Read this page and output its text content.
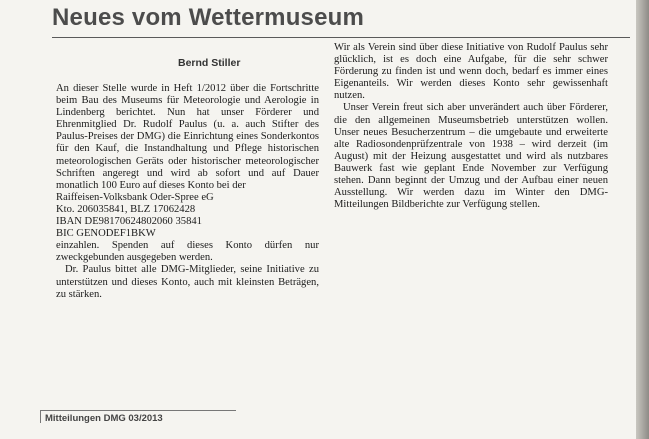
Neues vom Wettermuseum
Bernd Stiller

An dieser Stelle wurde in Heft 1/2012 über die Fortschritte beim Bau des Museums für Meteorologie und Aerologie in Lindenberg berichtet. Nun hat unser Förderer und Ehrenmitglied Dr. Rudolf Paulus (u. a. auch Stifter des Paulus-Preises der DMG) die Einrichtung eines Sonderkontos für den Kauf, die Instandhaltung und Pflege historischen meteorologischen Geräts oder historischer meteorologischer Schriften angeregt und wird ab sofort und auf Dauer monatlich 100 Euro auf dieses Konto bei der

Raiffeisen-Volksbank Oder-Spree eG
Kto. 206035841, BLZ 17062428
IBAN DE98170624802060 35841
BIC GENODEF1BKW

einzahlen. Spenden auf dieses Konto dürfen nur zweckgebunden ausgegeben werden.

Dr. Paulus bittet alle DMG-Mitglieder, seine Initiative zu unterstützen und dieses Konto, auch mit kleinsten Beträgen, zu stärken.

Wir als Verein sind über diese Initiative von Rudolf Paulus sehr glücklich, ist es doch eine Aufgabe, für die sehr schwer Förderung zu finden ist und wenn doch, bedarf es immer eines Eigenanteils. Wir werden dieses Konto sehr gewissenhaft nutzen.

Unser Verein freut sich aber unverändert auch über Förderer, die den allgemeinen Museumsbetrieb unterstützen wollen. Unser neues Besucherzentrum – die umgebaute und erweiterte alte Radiosondenprüfzentrale von 1938 – wird derzeit (im August) mit der Heizung ausgestattet und wird als nutzbares Bauwerk fast wie geplant Ende November zur Verfügung stehen. Dann beginnt der Umzug und der Aufbau einer neuen Ausstellung. Wir werden dazu im Winter den DMG-Mitteilungen Bildberichte zur Verfügung stellen.

Mitteilungen DMG 03/2013
